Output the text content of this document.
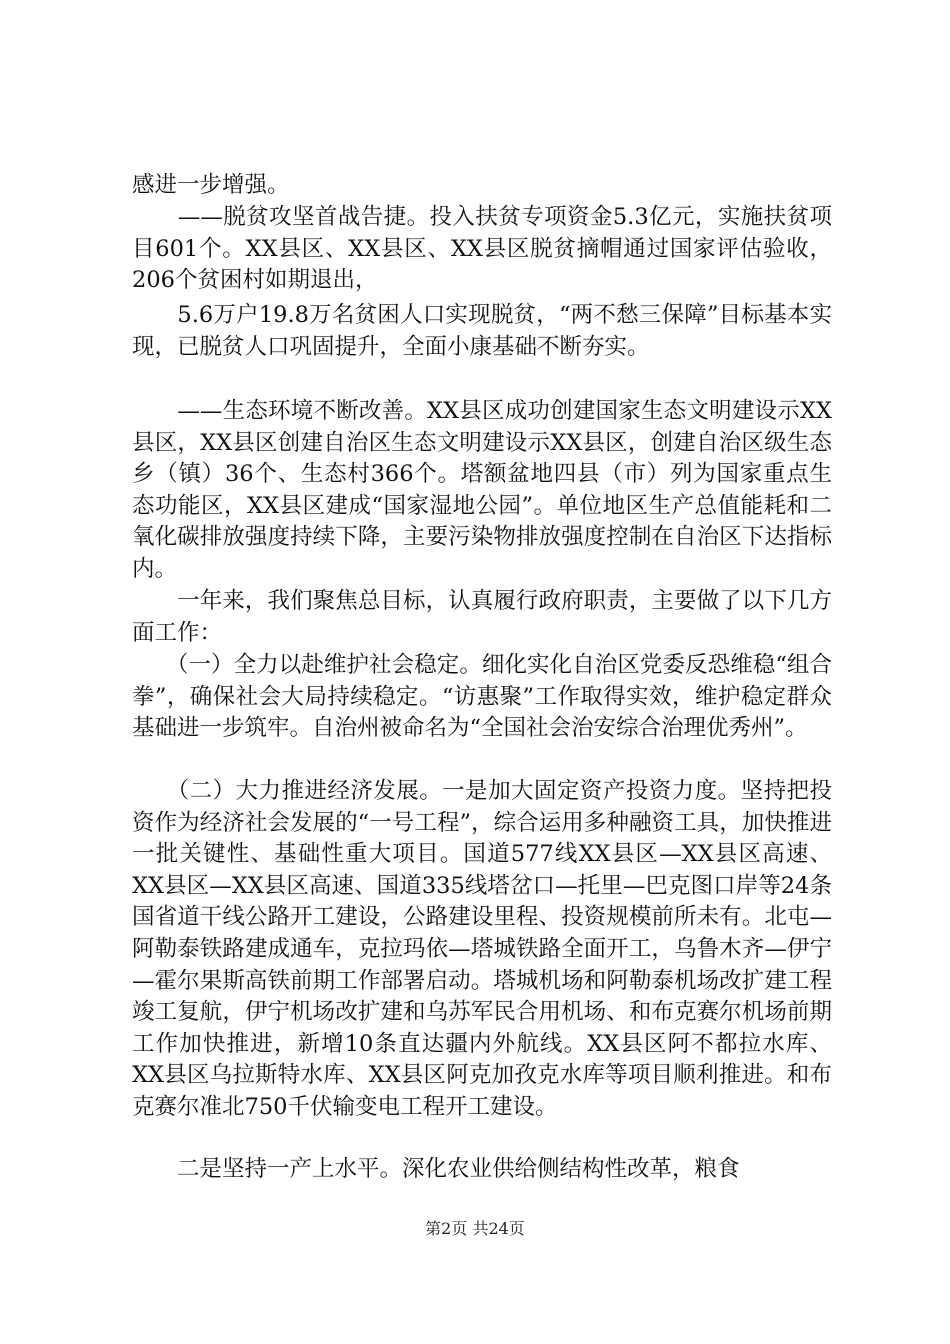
感进一步增强。

　　——脱贫攻坚首战告捷。投入扶贫专项资金5.3亿元，实施扶贫项目601个。XX县区、XX县区、XX县区脱贫摘帽通过国家评估验收，206个贫困村如期退出，

　　5.6万户19.8万名贫困人口实现脱贫，“两不愁三保障”目标基本实现，已脱贫人口巩固提升，全面小康基础不断夯实。

　　——生态环境不断改善。XX县区成功创建国家生态文明建设示XX县区，XX县区创建自治区生态文明建设示XX县区，创建自治区级生态乡（镇）36个、生态村366个。塔额盆地四县（市）列为国家重点生态功能区，XX县区建成“国家湿地公园”。单位地区生产总值能耗和二氧化碳排放强度持续下降，主要污染物排放强度控制在自治区下达指标内。

　　一年来，我们聚焦总目标，认真履行政府职责，主要做了以下几方面工作：

　　（一）全力以赴维护社会稳定。细化实化自治区党委反恐维稳“组合拳”，确保社会大局持续稳定。“访惠聚”工作取得实效，维护稳定群众基础进一步筑牢。自治州被命名为“全国社会治安综合治理优秀州”。

　　（二）大力推进经济发展。一是加大固定资产投资力度。坚持把投资作为经济社会发展的“一号工程”，综合运用多种融资工具，加快推进一批关键性、基础性重大项目。国道577线XX县区—XX县区高速、XX县区—XX县区高速、国道335线塔岔口—托里—巴克图口岸等24条国省道干线公路开工建设，公路建设里程、投资规模前所未有。北屯—阿勒泰铁路建成通车，克拉玛依—塔城铁路全面开工，乌鲁木齐—伊宁—霍尔果斯高铁前期工作部署启动。塔城机场和阿勒泰机场改扩建工程竣工复航，伊宁机场改扩建和乌苏军民合用机场、和布克赛尔机场前期工作加快推进，新增10条直达疆内外航线。XX县区阿不都拉水库、XX县区乌拉斯特水库、XX县区阿克加孜克水库等项目顺利推进。和布克赛尔准北750千伏输变电工程开工建设。

　　二是坚持一产上水平。深化农业供给侧结构性改革，粮食

第2页 共24页
